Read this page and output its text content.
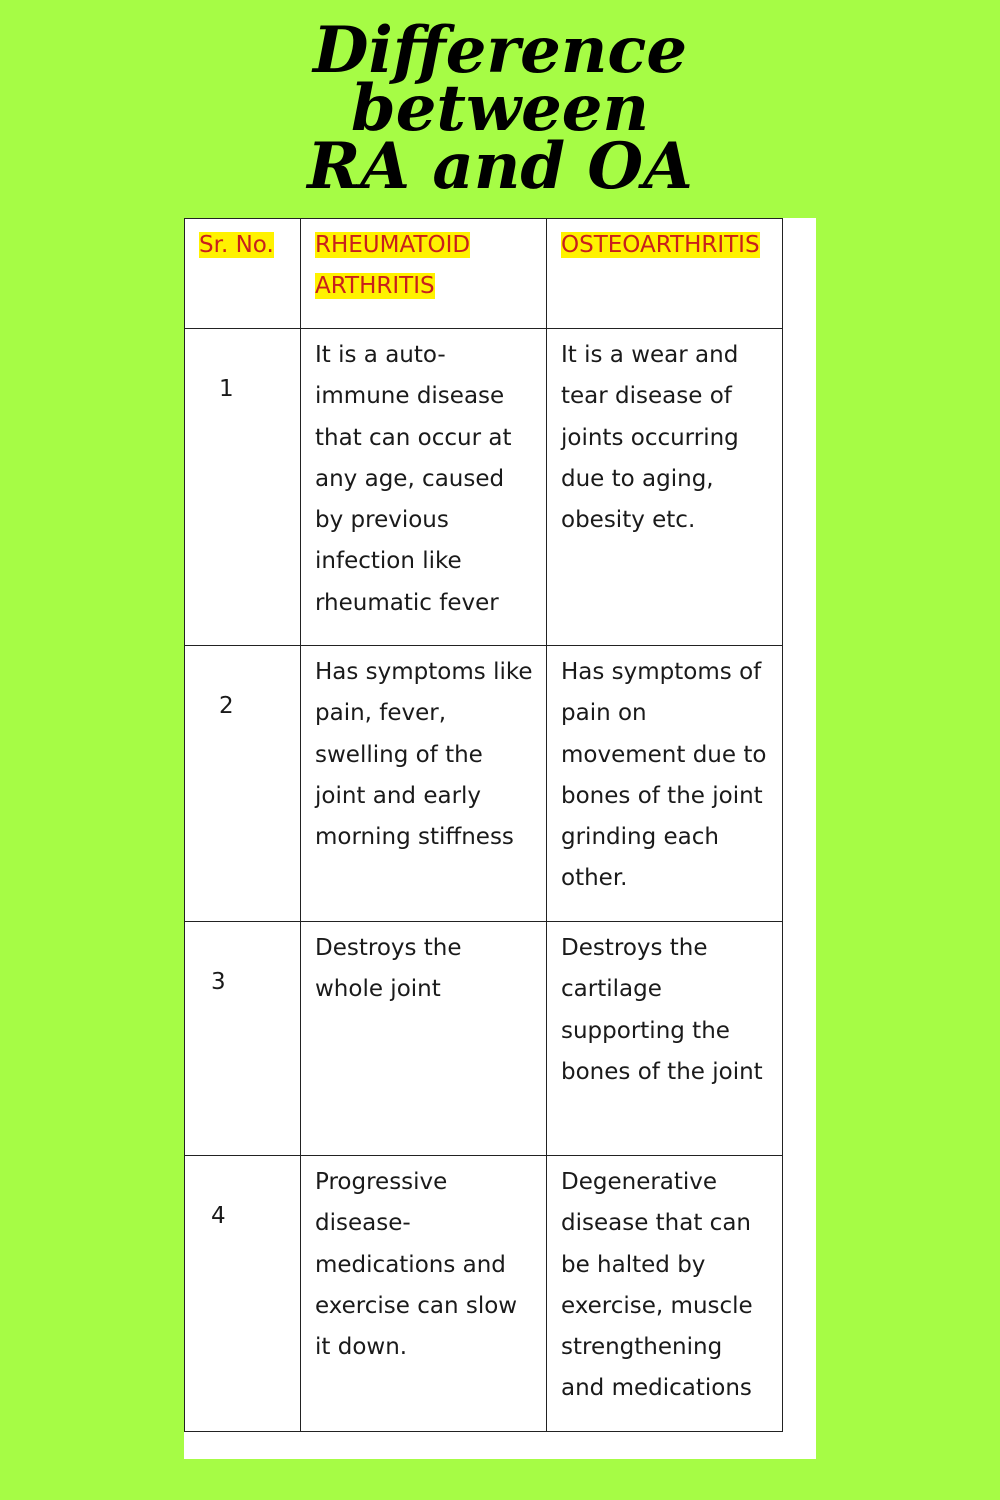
Difference
between
RA and OA
Sr. No.	RHEUMATOID ARTHRITIS	OSTEOARTHRITIS

1	It is a auto-immune disease that can occur at any age, caused by previous infection like rheumatic fever	It is a wear and tear disease of joints occurring due to aging, obesity etc.

2	Has symptoms like pain, fever, swelling of the joint and early morning stiffness	Has symptoms of pain on movement due to bones of the joint grinding each other.

3	Destroys the whole joint	Destroys the cartilage supporting the bones of the joint

4	Progressive disease- medications and exercise can slow it down.	Degenerative disease that can be halted by exercise, muscle strengthening and medications
